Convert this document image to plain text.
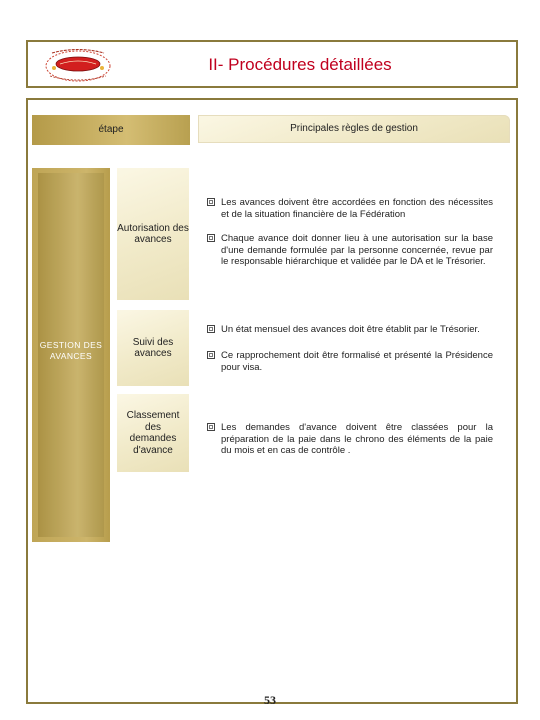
II- Procédures détaillées
étape	Principales règles de gestion
GESTION DES AVANCES
Autorisation des avances
Suivi des avances
Classement des demandes d'avance
Les avances doivent être accordées en fonction des nécessites et de la situation financière de la Fédération
Chaque avance doit donner lieu à une autorisation sur la base d'une demande formulée par la personne concernée, revue par le responsable hiérarchique et validée par le DA et le Trésorier.
Un état mensuel des avances doit être établit par le Trésorier.
Ce rapprochement doit être formalisé et présenté la Présidence pour visa.
Les demandes d'avance doivent être classées pour la préparation de la paie dans le chrono des éléments de la paie du mois et en cas de contrôle .
53
